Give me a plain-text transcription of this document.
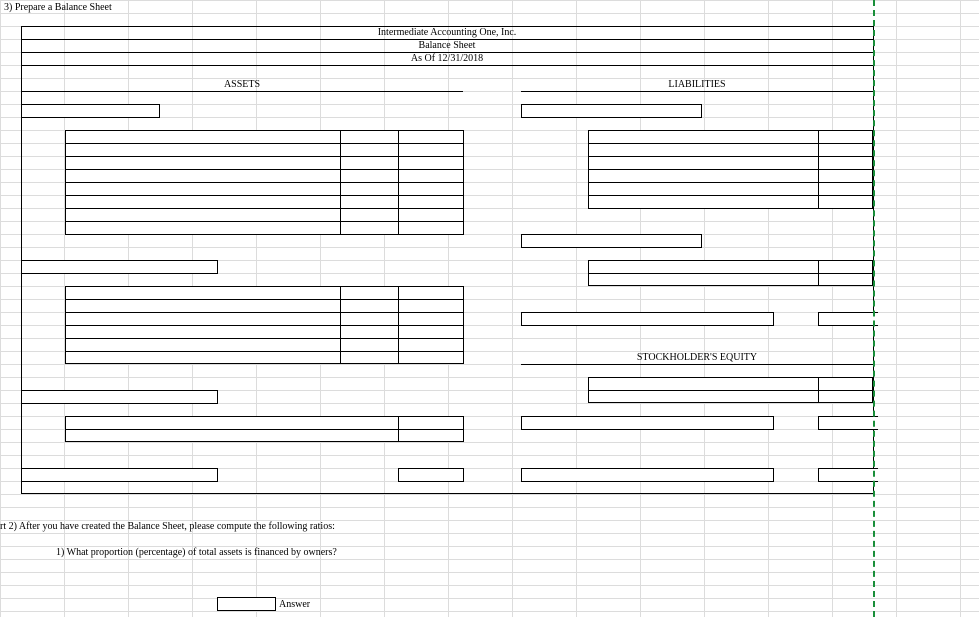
3) Prepare a Balance Sheet
Intermediate Accounting One, Inc.
Balance Sheet
As Of 12/31/2018
ASSETS	LIABILITIES
STOCKHOLDER'S EQUITY
rt 2) After you have created the Balance Sheet, please compute the following ratios:
1) What proportion (percentage) of total assets is financed by owners?
Answer
